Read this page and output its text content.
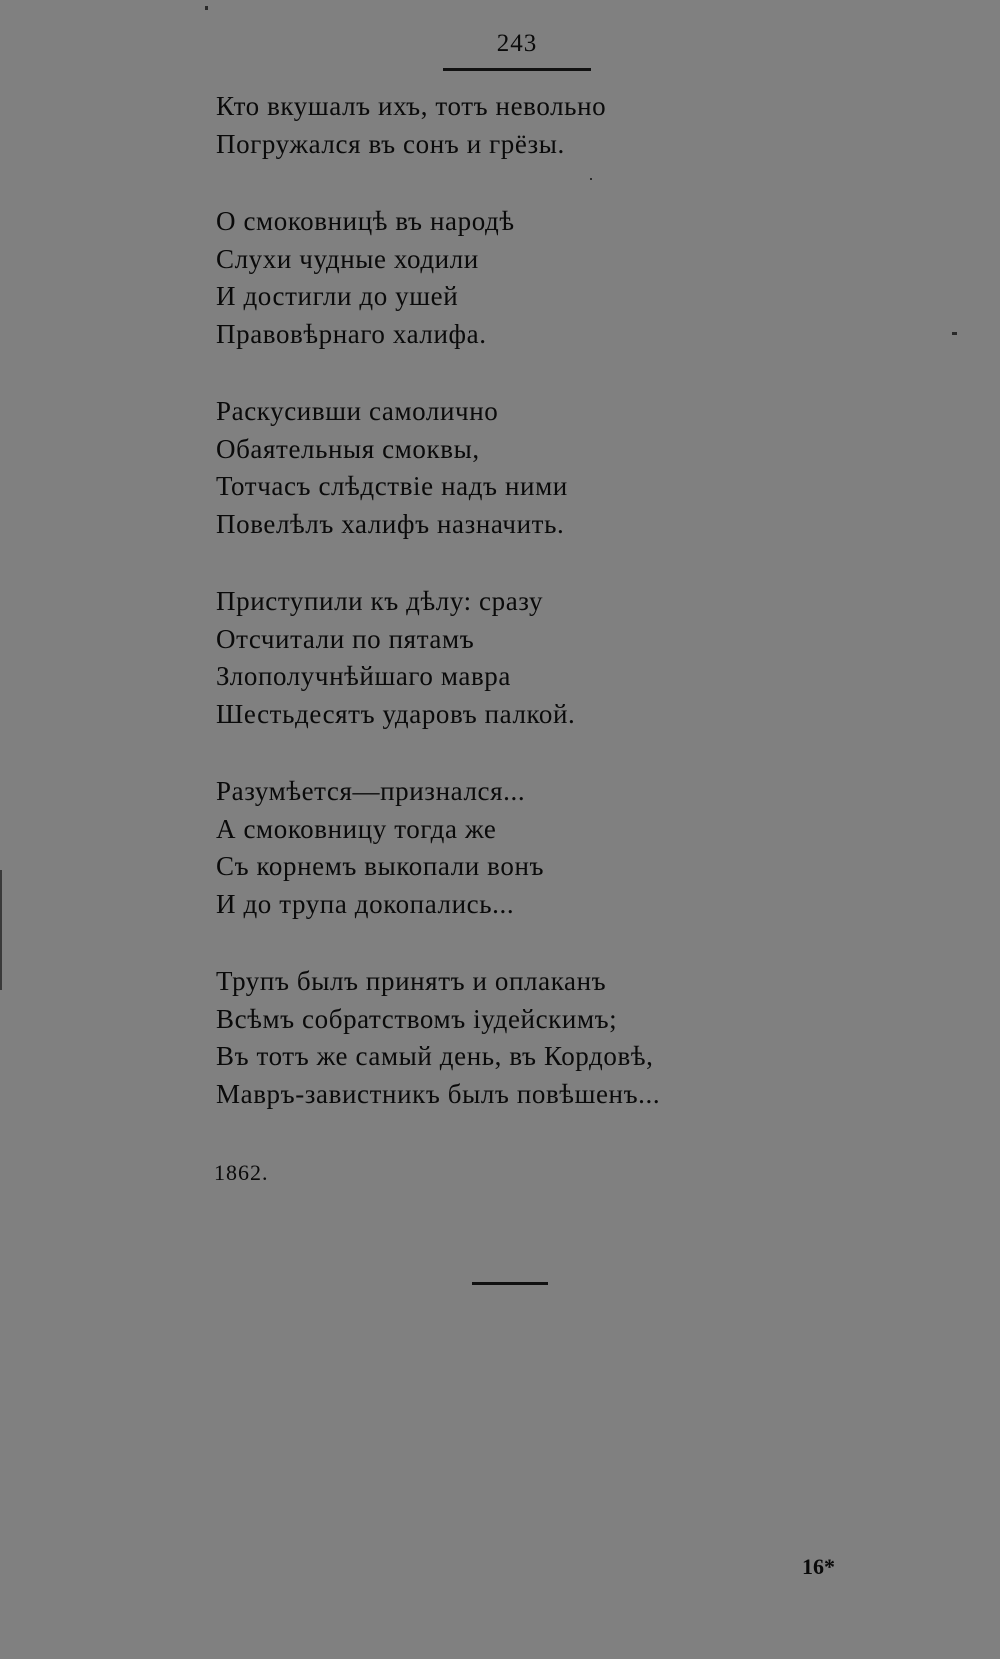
243
Кто вкушалъ ихъ, тотъ невольно
Погружался въ сонъ и грёзы.
О смоковницѣ въ народѣ
Слухи чудные ходили
И достигли до ушей
Правовѣрнаго халифа.
Раскусивши самолично
Обаятельныя смоквы,
Тотчасъ слѣдствіе надъ ними
Повелѣлъ халифъ назначить.
Приступили къ дѣлу: сразу
Отсчитали по пятамъ
Злополучнѣйшаго мавра
Шестьдесятъ ударовъ палкой.
Разумѣется—признался...
А смоковницу тогда же
Съ корнемъ выкопали вонъ
И до трупа докопались...
Трупъ былъ принятъ и оплаканъ
Всѣмъ собратствомъ іудейскимъ;
Въ тотъ же самый день, въ Кордовѣ,
Мавръ-завистникъ былъ повѣшенъ...
1862.
16*
